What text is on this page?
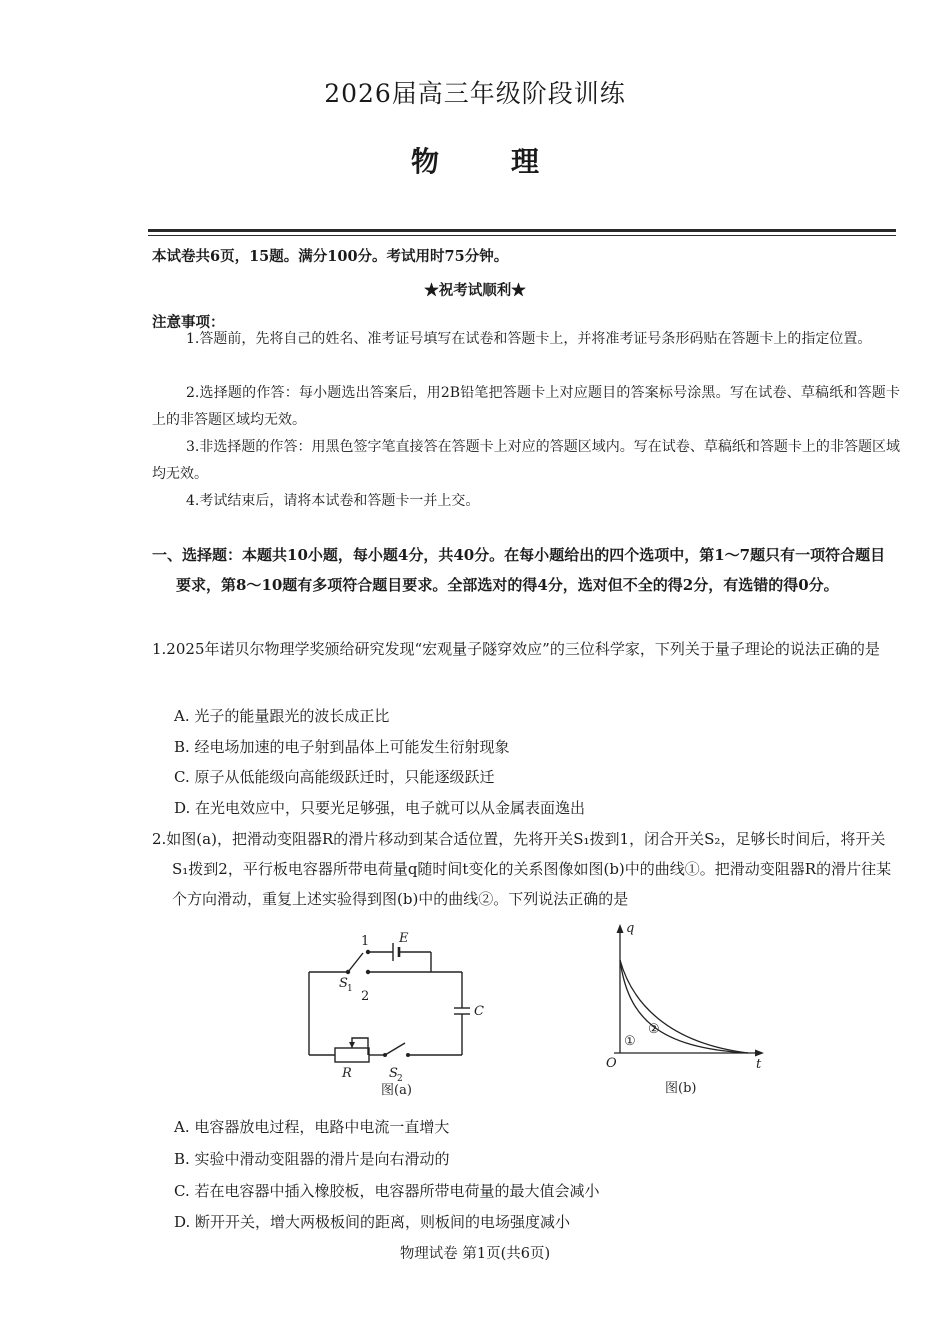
2026届高三年级阶段训练
物	理
本试卷共6页，15题。满分100分。考试用时75分钟。
★祝考试顺利★
注意事项：
1.答题前，先将自己的姓名、准考证号填写在试卷和答题卡上，并将准考证号条形码贴在答题卡上的指定位置。
2.选择题的作答：每小题选出答案后，用2B铅笔把答题卡上对应题目的答案标号涂黑。写在试卷、草稿纸和答题卡上的非答题区域均无效。
3.非选择题的作答：用黑色签字笔直接答在答题卡上对应的答题区域内。写在试卷、草稿纸和答题卡上的非答题区域均无效。
4.考试结束后，请将本试卷和答题卡一并上交。
一、选择题：本题共10小题，每小题4分，共40分。在每小题给出的四个选项中，第1～7题只有一项符合题目要求，第8～10题有多项符合题目要求。全部选对的得4分，选对但不全的得2分，有选错的得0分。
1.2025年诺贝尔物理学奖颁给研究发现“宏观量子隧穿效应”的三位科学家，下列关于量子理论的说法正确的是
A. 光子的能量跟光的波长成正比
B. 经电场加速的电子射到晶体上可能发生衍射现象
C. 原子从低能级向高能级跃迁时，只能逐级跃迁
D. 在光电效应中，只要光足够强，电子就可以从金属表面逸出
2.如图(a)，把滑动变阻器R的滑片移动到某合适位置，先将开关S₁拨到1，闭合开关S₂，足够长时间后，将开关S₁拨到2，平行板电容器所带电荷量q随时间t变化的关系图像如图(b)中的曲线①。把滑动变阻器R的滑片往某个方向滑动，重复上述实验得到图(b)中的曲线②。下列说法正确的是
1
2
E
C
R
S 1
S 2
图(a)
q
t
O
①
②
图(b)
A. 电容器放电过程，电路中电流一直增大
B. 实验中滑动变阻器的滑片是向右滑动的
C. 若在电容器中插入橡胶板，电容器所带电荷量的最大值会减小
D. 断开开关，增大两极板间的距离，则板间的电场强度减小
物理试卷 第1页(共6页)
